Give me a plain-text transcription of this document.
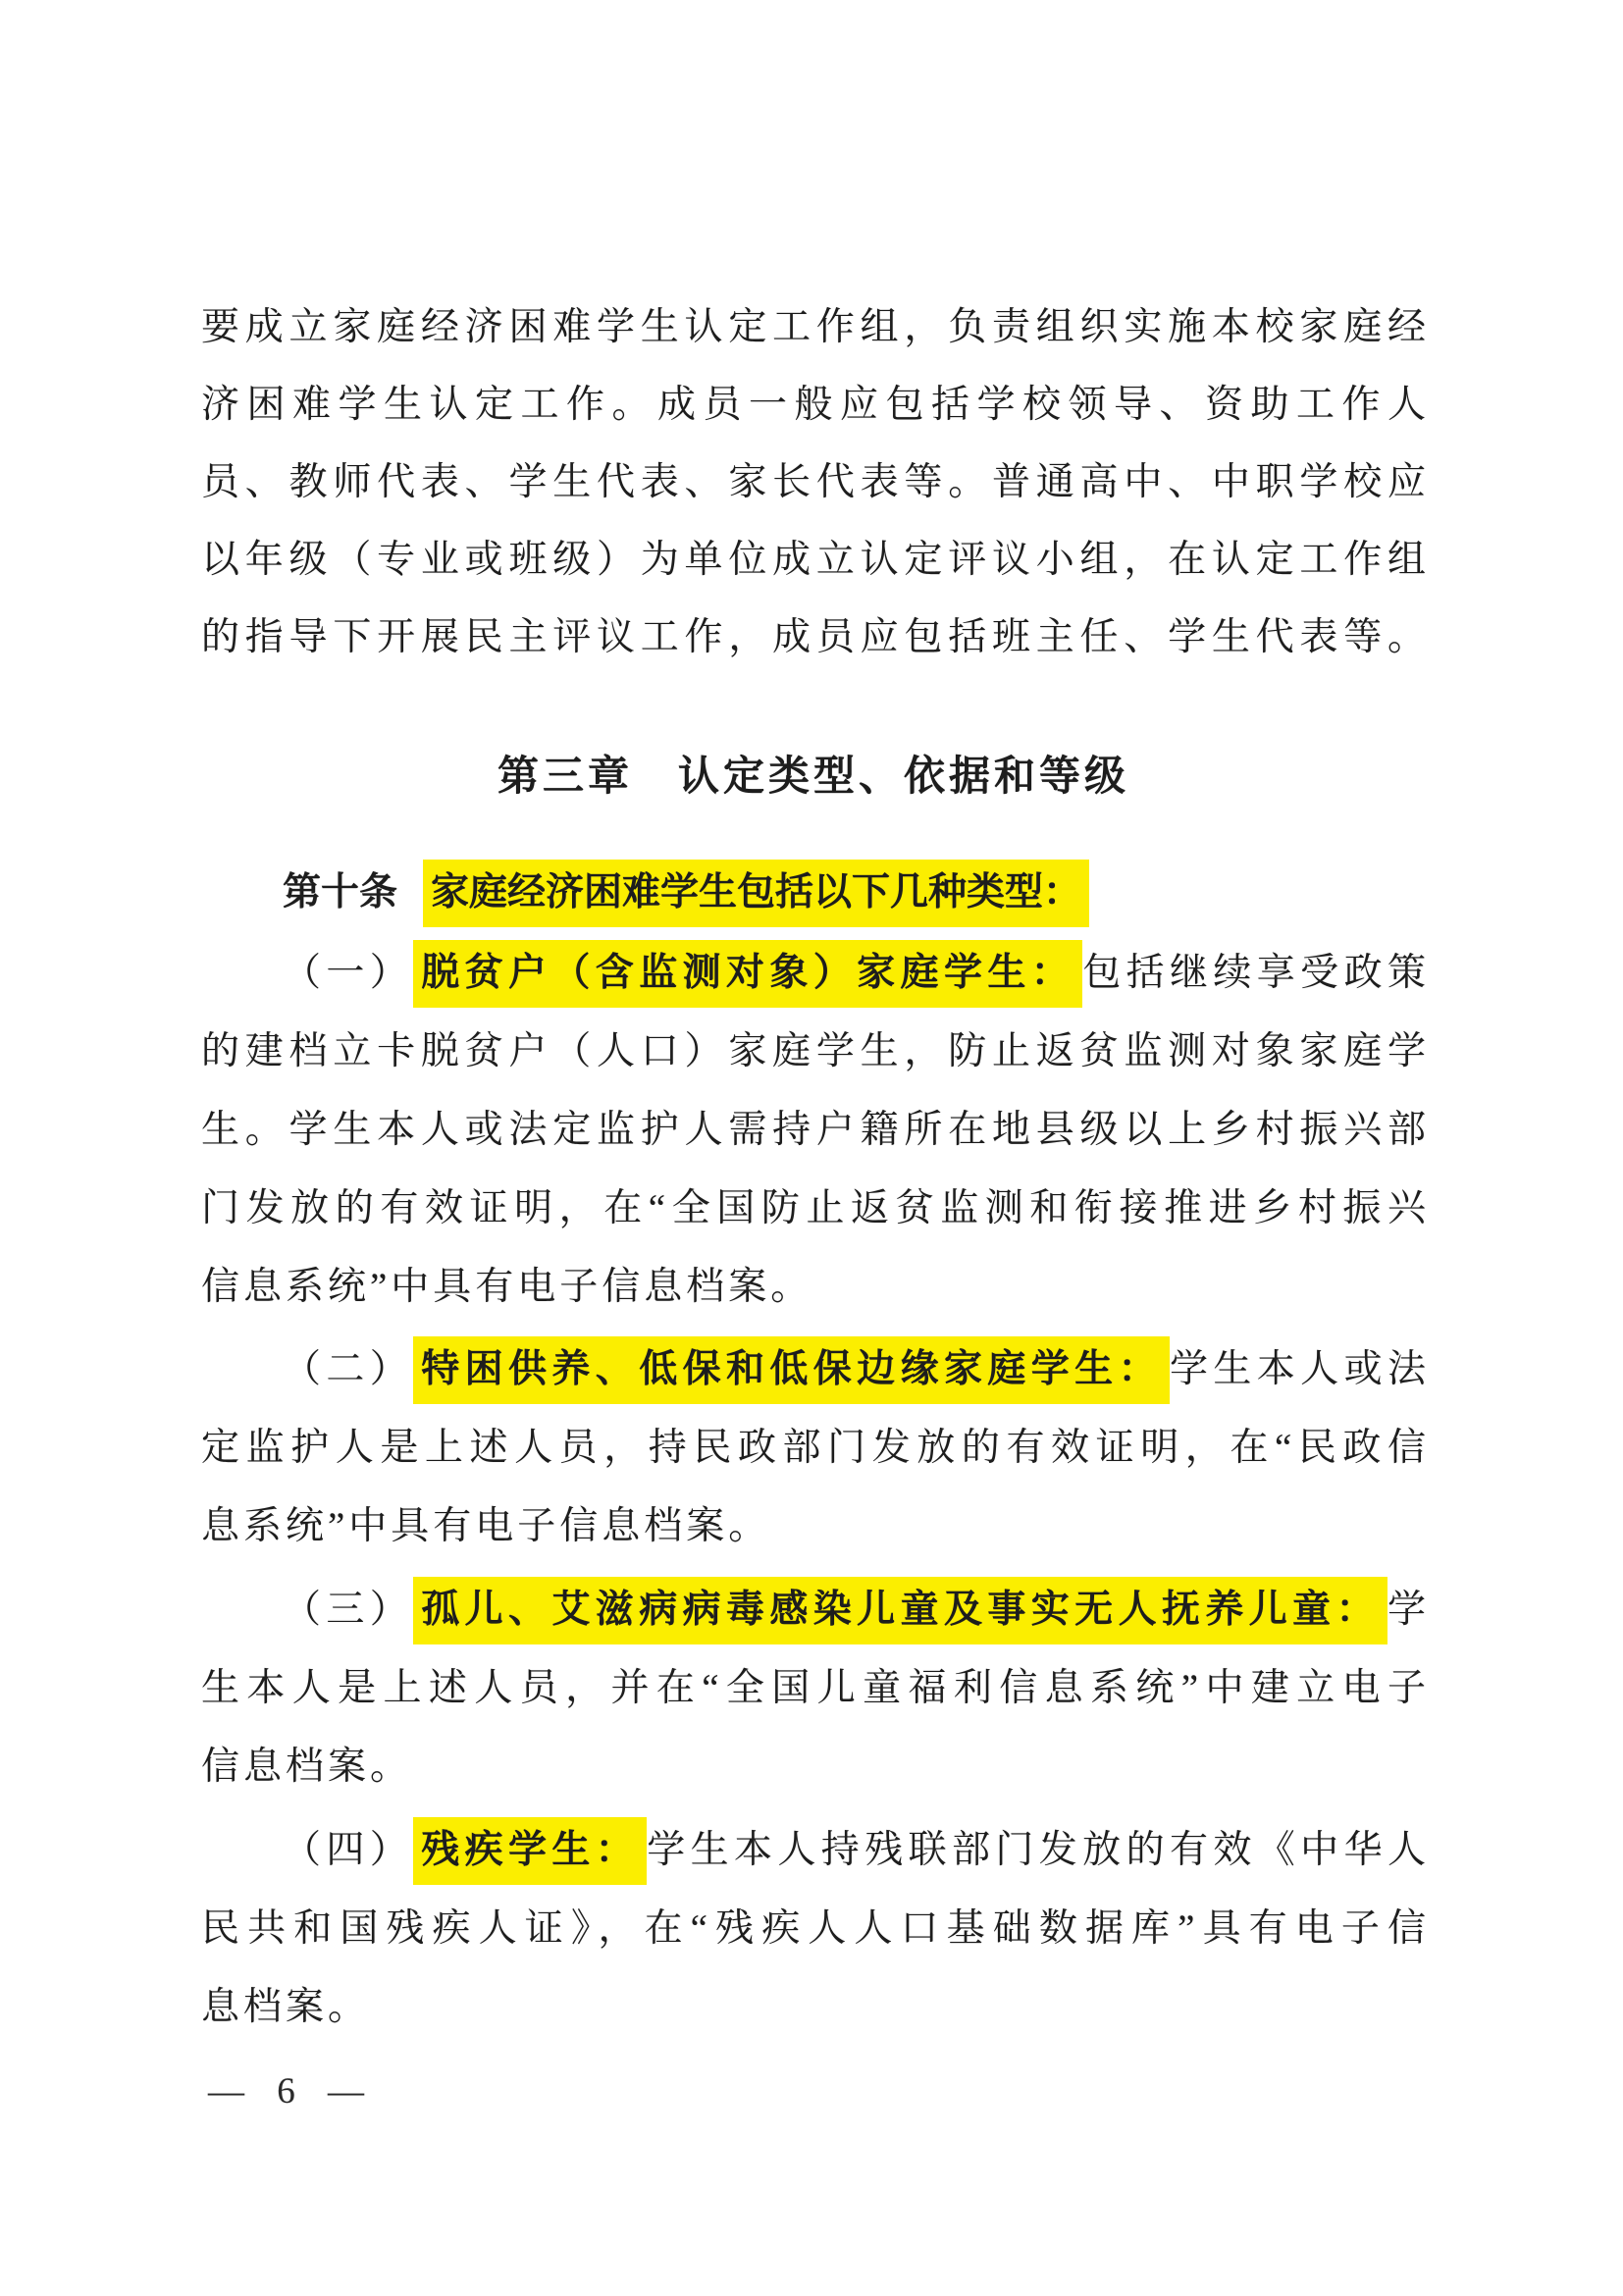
要成立家庭经济困难学生认定工作组，负责组织实施本校家庭经
济困难学生认定工作。成员一般应包括学校领导、资助工作人
员、教师代表、学生代表、家长代表等。普通高中、中职学校应
以年级（专业或班级）为单位成立认定评议小组，在认定工作组
的指导下开展民主评议工作，成员应包括班主任、学生代表等。
第三章　认定类型、依据和等级
第十条 家庭经济困难学生包括以下几种类型：
（一） 脱贫户（含监测对象）家庭学生： 包括继续享受政策
的建档立卡脱贫户（人口）家庭学生，防止返贫监测对象家庭学
生。学生本人或法定监护人需持户籍所在地县级以上乡村振兴部
门发放的有效证明，在“全国防止返贫监测和衔接推进乡村振兴
信息系统”中具有电子信息档案。
（二） 特困供养、低保和低保边缘家庭学生： 学生本人或法
定监护人是上述人员，持民政部门发放的有效证明，在“民政信
息系统”中具有电子信息档案。
（三） 孤儿、艾滋病病毒感染儿童及事实无人抚养儿童： 学
生本人是上述人员，并在“全国儿童福利信息系统”中建立电子
信息档案。
（四） 残疾学生： 学生本人持残联部门发放的有效《中华人
民共和国残疾人证》，在“残疾人人口基础数据库”具有电子信
息档案。
— 6 —
